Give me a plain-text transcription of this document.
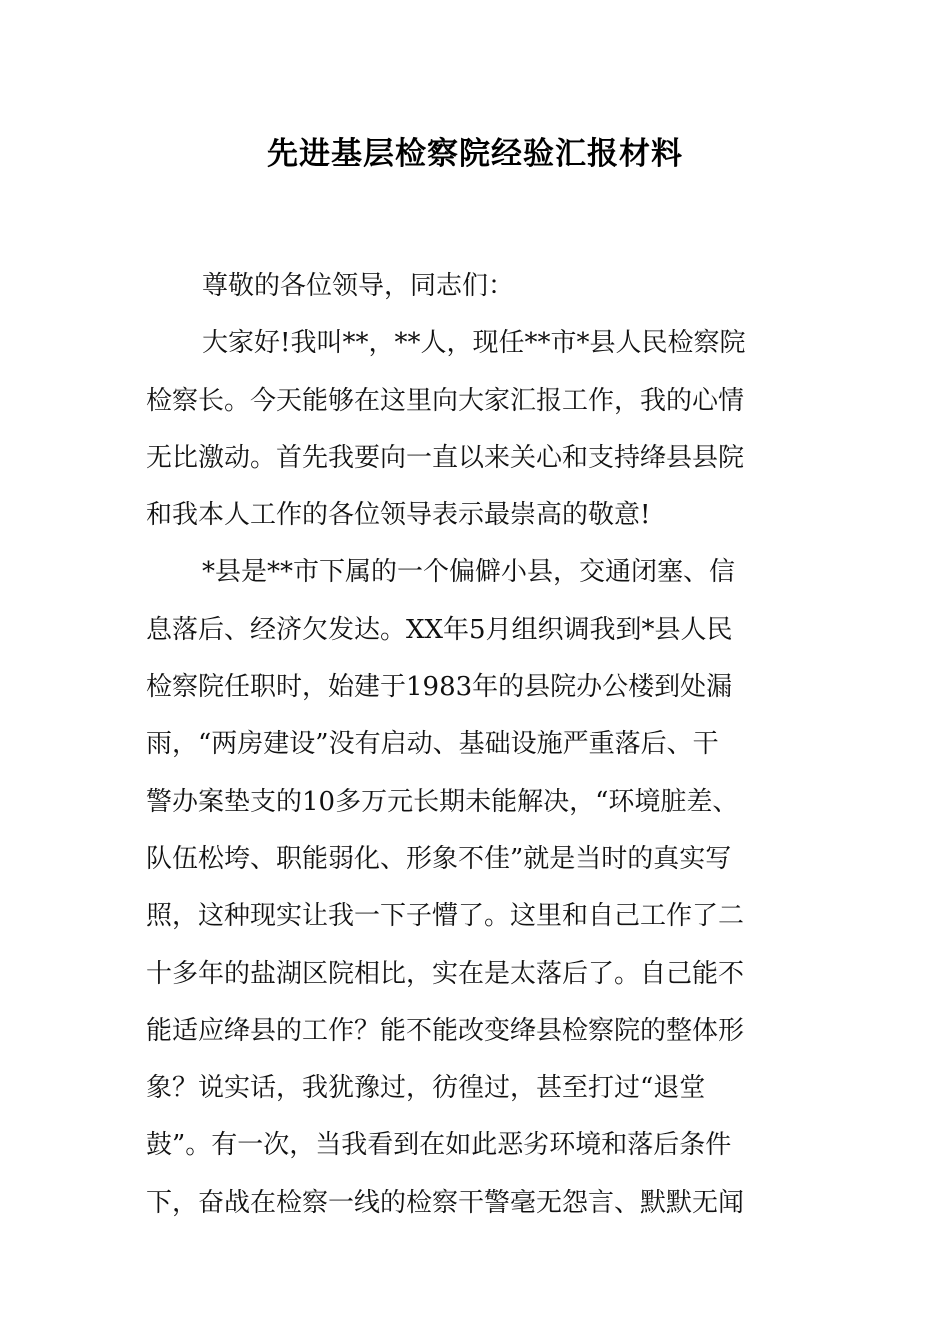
先进基层检察院经验汇报材料
尊敬的各位领导，同志们：
大家好!我叫**，**人，现任**市*县人民检察院
检察长。今天能够在这里向大家汇报工作，我的心情
无比激动。首先我要向一直以来关心和支持绛县县院
和我本人工作的各位领导表示最崇高的敬意!
*县是**市下属的一个偏僻小县，交通闭塞、信
息落后、经济欠发达。XX年5月组织调我到*县人民
检察院任职时，始建于1983年的县院办公楼到处漏
雨，“两房建设”没有启动、基础设施严重落后、干
警办案垫支的10多万元长期未能解决，“环境脏差、
队伍松垮、职能弱化、形象不佳”就是当时的真实写
照，这种现实让我一下子懵了。这里和自己工作了二
十多年的盐湖区院相比，实在是太落后了。自己能不
能适应绛县的工作？能不能改变绛县检察院的整体形
象？说实话，我犹豫过，彷徨过，甚至打过“退堂
鼓”。有一次，当我看到在如此恶劣环境和落后条件
下，奋战在检察一线的检察干警毫无怨言、默默无闻
